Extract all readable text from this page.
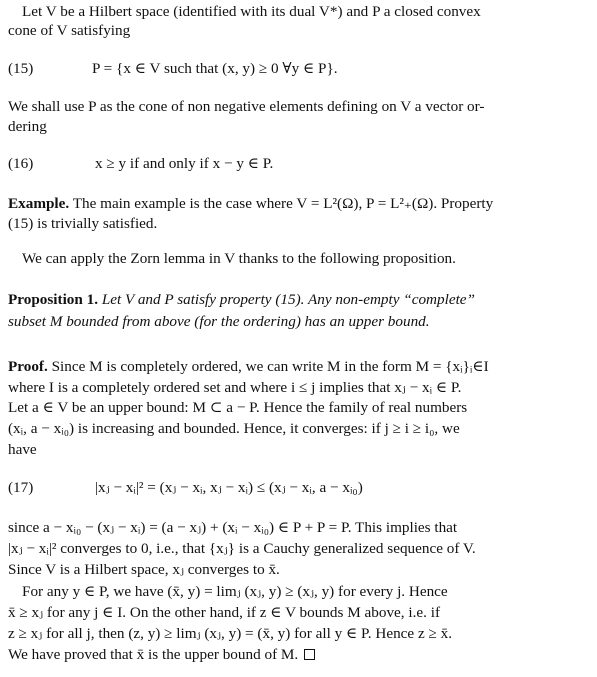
Let V be a Hilbert space (identified with its dual V*) and P a closed convex
cone of V satisfying
(15)	P = {x ∈ V such that (x, y) ≥ 0 ∀y ∈ P}.
We shall use P as the cone of non negative elements defining on V a vector or-
dering
(16)	x ≥ y if and only if x − y ∈ P.
Example. The main example is the case where V = L²(Ω), P = L²₊(Ω). Property
(15) is trivially satisfied.
We can apply the Zorn lemma in V thanks to the following proposition.
Proposition 1. Let V and P satisfy property (15). Any non-empty “complete”
subset M bounded from above (for the ordering) has an upper bound.
Proof. Since M is completely ordered, we can write M in the form M = {xᵢ}ᵢ∈I
where I is a completely ordered set and where i ≤ j implies that xⱼ − xᵢ ∈ P.
Let a ∈ V be an upper bound: M ⊂ a − P. Hence the family of real numbers
(xᵢ, a − xᵢ₀) is increasing and bounded. Hence, it converges: if j ≥ i ≥ i₀, we
have
(17)	|xⱼ − xᵢ|² = (xⱼ − xᵢ, xⱼ − xᵢ) ≤ (xⱼ − xᵢ, a − xᵢ₀)
since a − xᵢ₀ − (xⱼ − xᵢ) = (a − xⱼ) + (xᵢ − xᵢ₀) ∈ P + P = P. This implies that
|xⱼ − xᵢ|² converges to 0, i.e., that {xⱼ} is a Cauchy generalized sequence of V.
Since V is a Hilbert space, xⱼ converges to x̄.
For any y ∈ P, we have (x̄, y) = limⱼ (xⱼ, y) ≥ (xⱼ, y) for every j. Hence
x̄ ≥ xⱼ for any j ∈ I. On the other hand, if z ∈ V bounds M above, i.e. if
z ≥ xⱼ for all j, then (z, y) ≥ limⱼ (xⱼ, y) = (x̄, y) for all y ∈ P. Hence z ≥ x̄.
We have proved that x̄ is the upper bound of M.
